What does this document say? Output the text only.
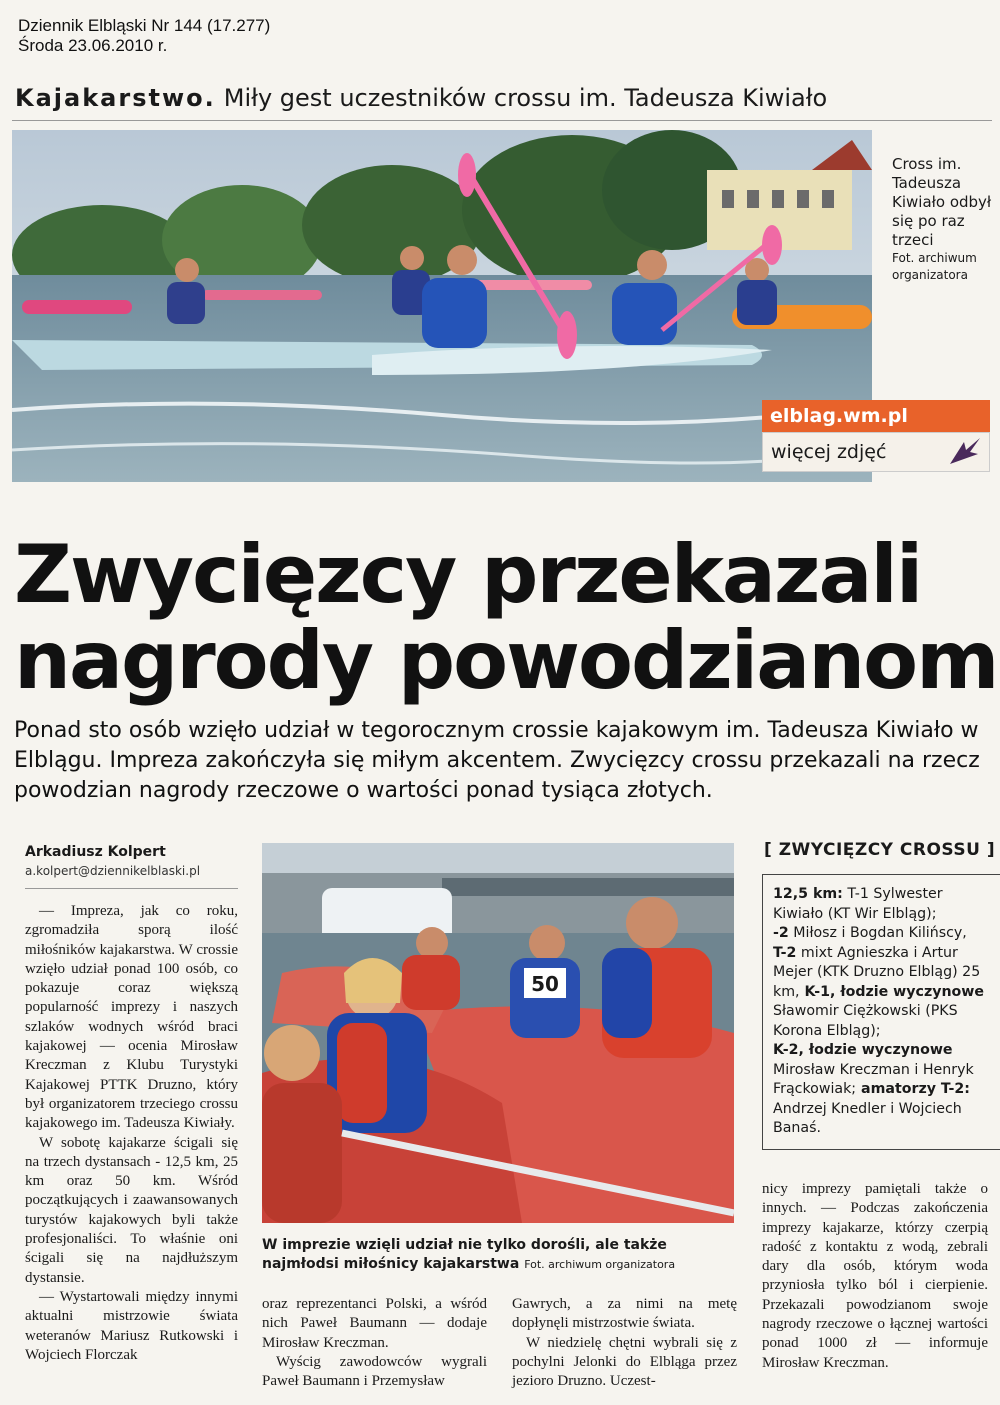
Dziennik Elbląski Nr 144 (17.277)
Środa 23.06.2010 r.
Kajakarstwo. Miły gest uczestników crossu im. Tadeusza Kiwiało
Cross im. Tadeusza Kiwiało odbył się po raz trzeci
Fot. archiwum organizatora
elblag.wm.pl
więcej zdjęć
Zwycięzcy przekazali
nagrody powodzianom
Ponad sto osób wzięło udział w tegorocznym crossie kajakowym im. Tadeusza Kiwiało w Elblągu. Impreza zakończyła się miłym akcentem. Zwycięzcy crossu przekazali na rzecz powodzian nagrody rzeczowe o wartości ponad tysiąca złotych.
Arkadiusz Kolpert
a.kolpert@dziennikelblaski.pl

— Impreza, jak co roku, zgromadziła sporą ilość miłośników kajakarstwa. W crossie wzięło udział ponad 100 osób, co pokazuje coraz większą popularność imprezy i naszych szlaków wodnych wśród braci kajakowej — ocenia Mirosław Kreczman z Klubu Turystyki Kajakowej PTTK Druzno, który był organizatorem trzeciego crossu kajakowego im. Tadeusza Kiwiały.

W sobotę kajakarze ścigali się na trzech dystansach - 12,5 km, 25 km oraz 50 km. Wśród początkujących i zaawansowanych turystów kajakowych byli także profesjonaliści. To właśnie oni ścigali się na najdłuższym dystansie.

— Wystartowali między innymi aktualni mistrzowie świata weteranów Mariusz Rutkowski i Wojciech Florczak

50
W imprezie wzięli udział nie tylko dorośli, ale także najmłodsi miłośnicy kajakarstwa Fot. archiwum organizatora

oraz reprezentanci Polski, a wśród nich Paweł Baumann — dodaje Mirosław Kreczman.

Wyścig zawodowców wygrali Paweł Baumann i Przemysław

Gawrych, a za nimi na metę dopłynęli mistrzostwie świata.

W niedzielę chętni wybrali się z pochylni Jelonki do Elbląga przez jezioro Druzno. Uczest-

[ ZWYCIĘZCY CROSSU ]
12,5 km: T-1 Sylwester Kiwiało (KT Wir Elbląg);
-2 Miłosz i Bogdan Kilińscy,
T-2 mixt Agnieszka i Artur Mejer (KTK Druzno Elbląg) 25 km, K-1, łodzie wyczynowe Sławomir Ciężkowski (PKS Korona Elbląg);
K-2, łodzie wyczynowe Mirosław Kreczman i Henryk Frąckowiak; amatorzy T-2: Andrzej Knedler i Wojciech Banaś.

nicy imprezy pamiętali także o innych. — Podczas zakończenia imprezy kajakarze, którzy czerpią radość z kontaktu z wodą, zebrali dary dla osób, którym woda przyniosła tylko ból i cierpienie. Przekazali powodzianom swoje nagrody rzeczowe o łącznej wartości ponad 1000 zł — informuje Mirosław Kreczman.
